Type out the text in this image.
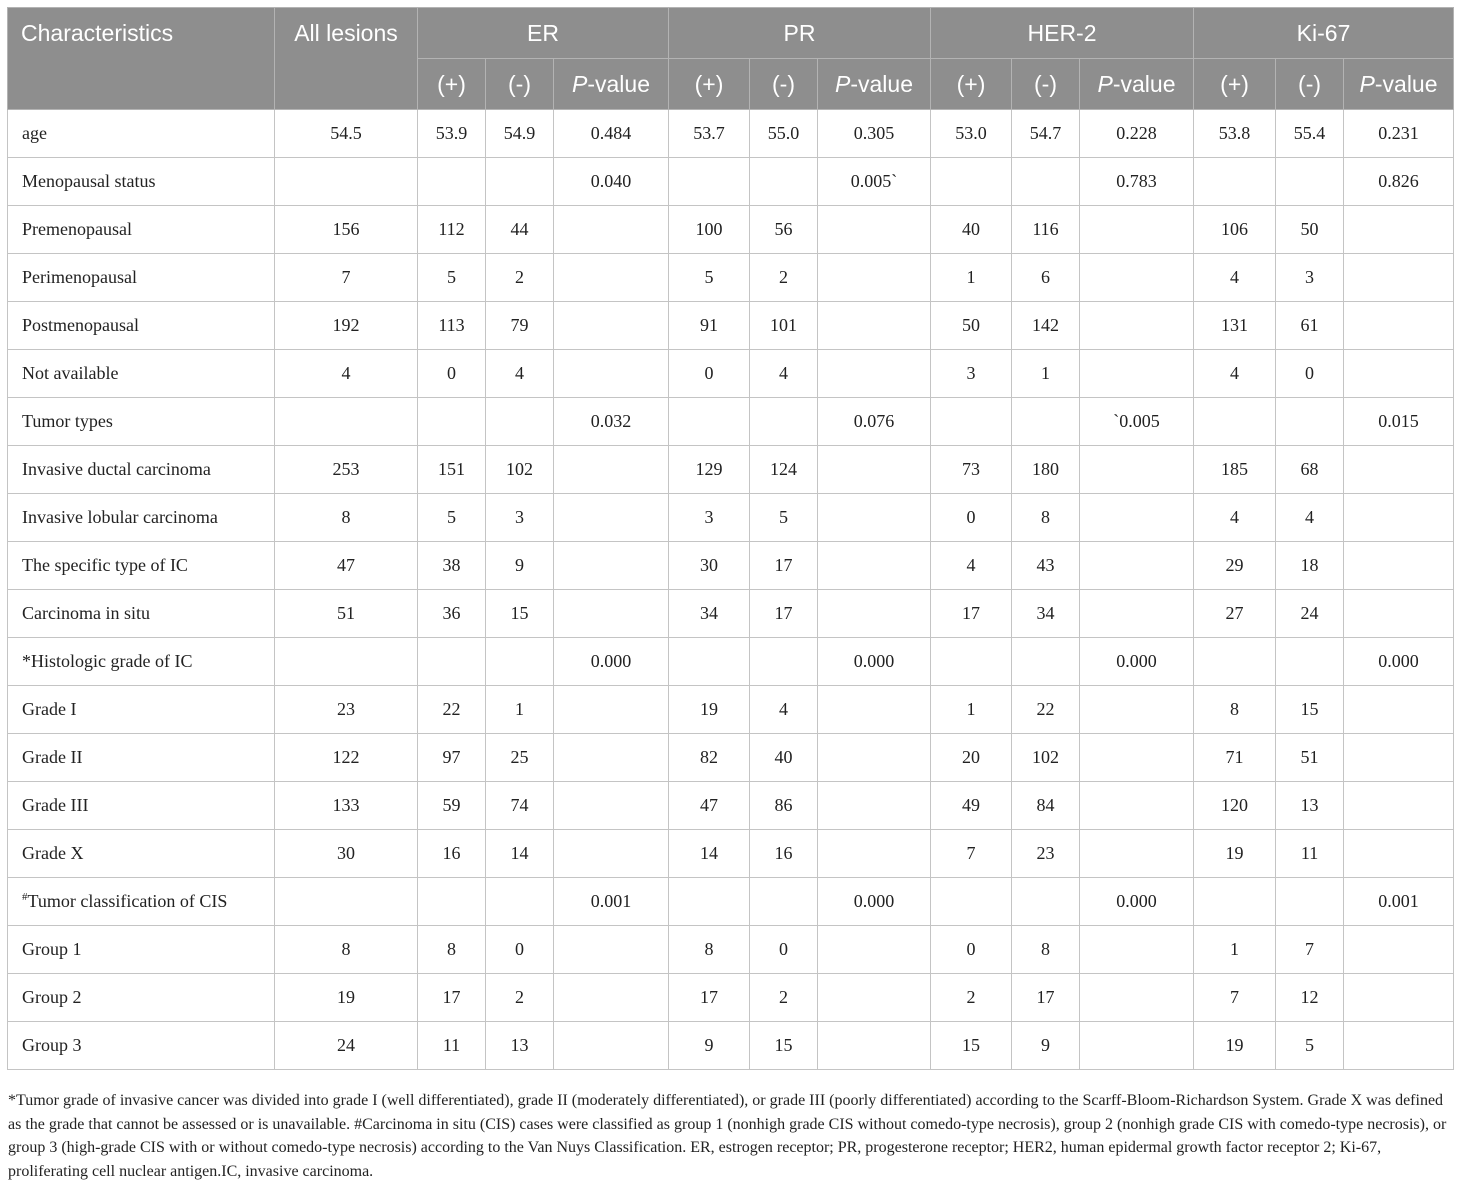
Characteristics	All lesions	ER			PR			HER-2			Ki-67		
		(+)	(-)	P-value	(+)	(-)	P-value	(+)	(-)	P-value	(+)	(-)	P-value
age	54.5	53.9	54.9	0.484	53.7	55.0	0.305	53.0	54.7	0.228	53.8	55.4	0.231
Menopausal status				0.040			0.005`			0.783			0.826
Premenopausal	156	112	44		100	56		40	116		106	50	
Perimenopausal	7	5	2		5	2		1	6		4	3	
Postmenopausal	192	113	79		91	101		50	142		131	61	
Not available	4	0	4		0	4		3	1		4	0	
Tumor types				0.032			0.076			`0.005			0.015
Invasive ductal carcinoma	253	151	102		129	124		73	180		185	68	
Invasive lobular carcinoma	8	5	3		3	5		0	8		4	4	
The specific type of IC	47	38	9		30	17		4	43		29	18	
Carcinoma in situ	51	36	15		34	17		17	34		27	24	
*Histologic grade of IC				0.000			0.000			0.000			0.000
Grade I	23	22	1		19	4		1	22		8	15	
Grade II	122	97	25		82	40		20	102		71	51	
Grade III	133	59	74		47	86		49	84		120	13	
Grade X	30	16	14		14	16		7	23		19	11	
#Tumor classification of CIS				0.001			0.000			0.000			0.001
Group 1	8	8	0		8	0		0	8		1	7	
Group 2	19	17	2		17	2		2	17		7	12	
Group 3	24	11	13		9	15		15	9		19	5	
*Tumor grade of invasive cancer was divided into grade I (well differentiated), grade II (moderately differentiated), or grade III (poorly differentiated) according to the Scarff-Bloom-Richardson System. Grade X was defined as the grade that cannot be assessed or is unavailable. #Carcinoma in situ (CIS) cases were classified as group 1 (nonhigh grade CIS without comedo-type necrosis), group 2 (nonhigh grade CIS with comedo-type necrosis), or group 3 (high-grade CIS with or without comedo-type necrosis) according to the Van Nuys Classification. ER, estrogen receptor; PR, progesterone receptor; HER2, human epidermal growth factor receptor 2; Ki-67, proliferating cell nuclear antigen.IC, invasive carcinoma.
